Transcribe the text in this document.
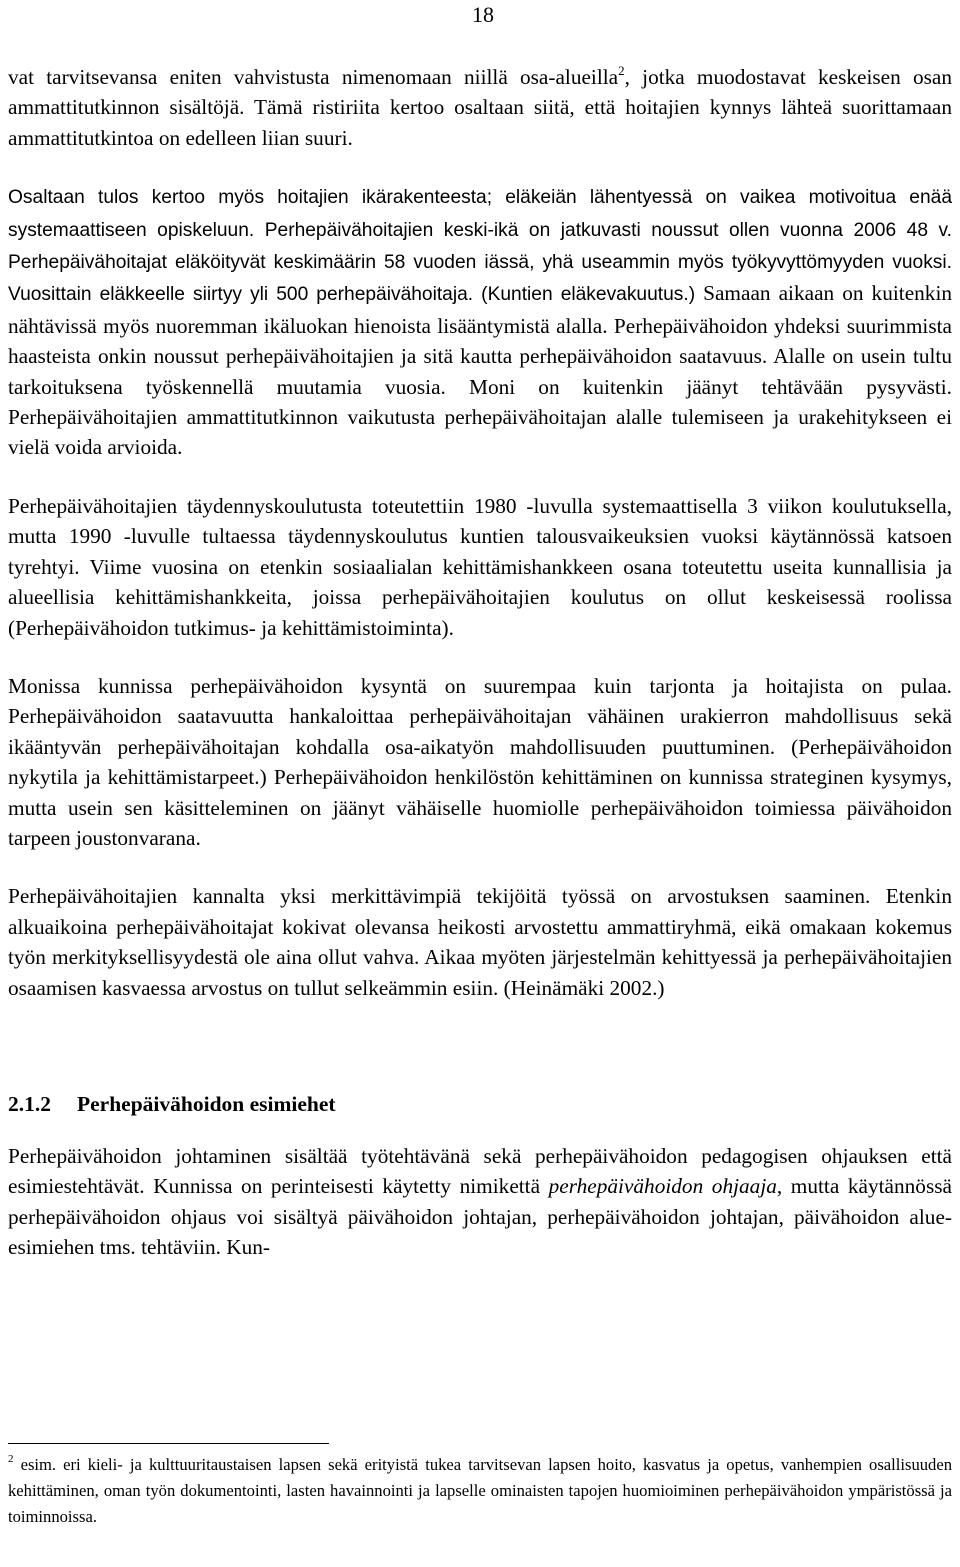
18

vat tarvitsevansa eniten vahvistusta nimenomaan niillä osa-alueilla$^2$, jotka muodostavat keskeisen osan ammattitutkinnon sisältöjä. Tämä ristiriita kertoo osaltaan siitä, että hoitajien kynnys lähteä suorittamaan ammattitutkintoa on edelleen liian suuri.

Osaltaan tulos kertoo myös hoitajien ikärakenteesta; eläkeiän lähentyessä on vaikea motivoitua enää systemaattiseen opiskeluun. Perhepäivähoitajien keski-ikä on jatkuvasti noussut ollen vuonna 2006 48 v. Perhepäivähoitajat eläköityvät keskimäärin 58 vuoden iässä, yhä useammin myös työkyvyttömyyden vuoksi. Vuosittain eläkkeelle siirtyy yli 500 perhepäivähoitaja. (Kuntien eläkevakuutus.) Samaan aikaan on kuitenkin nähtävissä myös nuoremman ikäluokan hienoista lisääntymistä alalla. Perhepäivähoidon yhdeksi suurimmista haasteista onkin noussut perhepäivähoitajien ja sitä kautta perhepäivähoidon saatavuus. Alalle on usein tultu tarkoituksena työskennellä muutamia vuosia. Moni on kuitenkin jäänyt tehtävään pysyvästi. Perhepäivähoitajien ammattitutkinnon vaikutusta perhepäivähoitajan alalle tulemiseen ja urakehitykseen ei vielä voida arvioida.

Perhepäivähoitajien täydennyskoulutusta toteutettiin 1980 -luvulla systemaattisella 3 viikon koulutuksella, mutta 1990 -luvulle tultaessa täydennyskoulutus kuntien talousvaikeuksien vuoksi käytännössä katsoen tyrehtyi. Viime vuosina on etenkin sosiaalialan kehittämishankkeen osana toteutettu useita kunnallisia ja alueellisia kehittämishankkeita, joissa perhepäivähoitajien koulutus on ollut keskeisessä roolissa (Perhepäivähoidon tutkimus- ja kehittämistoiminta).

Monissa kunnissa perhepäivähoidon kysyntä on suurempaa kuin tarjonta ja hoitajista on pulaa. Perhepäivähoidon saatavuutta hankaloittaa perhepäivähoitajan vähäinen urakierron mahdollisuus sekä ikääntyvän perhepäivähoitajan kohdalla osa-aikatyön mahdollisuuden puuttuminen. (Perhepäivähoidon nykytila ja kehittämistarpeet.) Perhepäivähoidon henkilöstön kehittäminen on kunnissa strateginen kysymys, mutta usein sen käsitteleminen on jäänyt vähäiselle huomiolle perhepäivähoidon toimiessa päivähoidon tarpeen joustonvarana.

Perhepäivähoitajien kannalta yksi merkittävimpiä tekijöitä työssä on arvostuksen saaminen. Etenkin alkuaikoina perhepäivähoitajat kokivat olevansa heikosti arvostettu ammattiryhmä, eikä omakaan kokemus työn merkityksellisyydestä ole aina ollut vahva. Aikaa myöten järjestelmän kehittyessä ja perhepäivähoitajien osaamisen kasvaessa arvostus on tullut selkeämmin esiin. (Heinämäki 2002.)

2.1.2 Perhepäivähoidon esimiehet

Perhepäivähoidon johtaminen sisältää työtehtävänä sekä perhepäivähoidon pedagogisen ohjauksen että esimiestehtävät. Kunnissa on perinteisesti käytetty nimikettä perhepäivähoidon ohjaaja, mutta käytännössä perhepäivähoidon ohjaus voi sisältyä päivähoidon johtajan, perhepäivähoidon johtajan, päivähoidon alue-esimiehen tms. tehtäviin. Kun-

$^2$ esim. eri kieli- ja kulttuuritaustaisen lapsen sekä erityistä tukea tarvitsevan lapsen hoito, kasvatus ja opetus, vanhempien osallisuuden kehittäminen, oman työn dokumentointi, lasten havainnointi ja lapselle ominaisten tapojen huomioiminen perhepäivähoidon ympäristössä ja toiminnoissa.
